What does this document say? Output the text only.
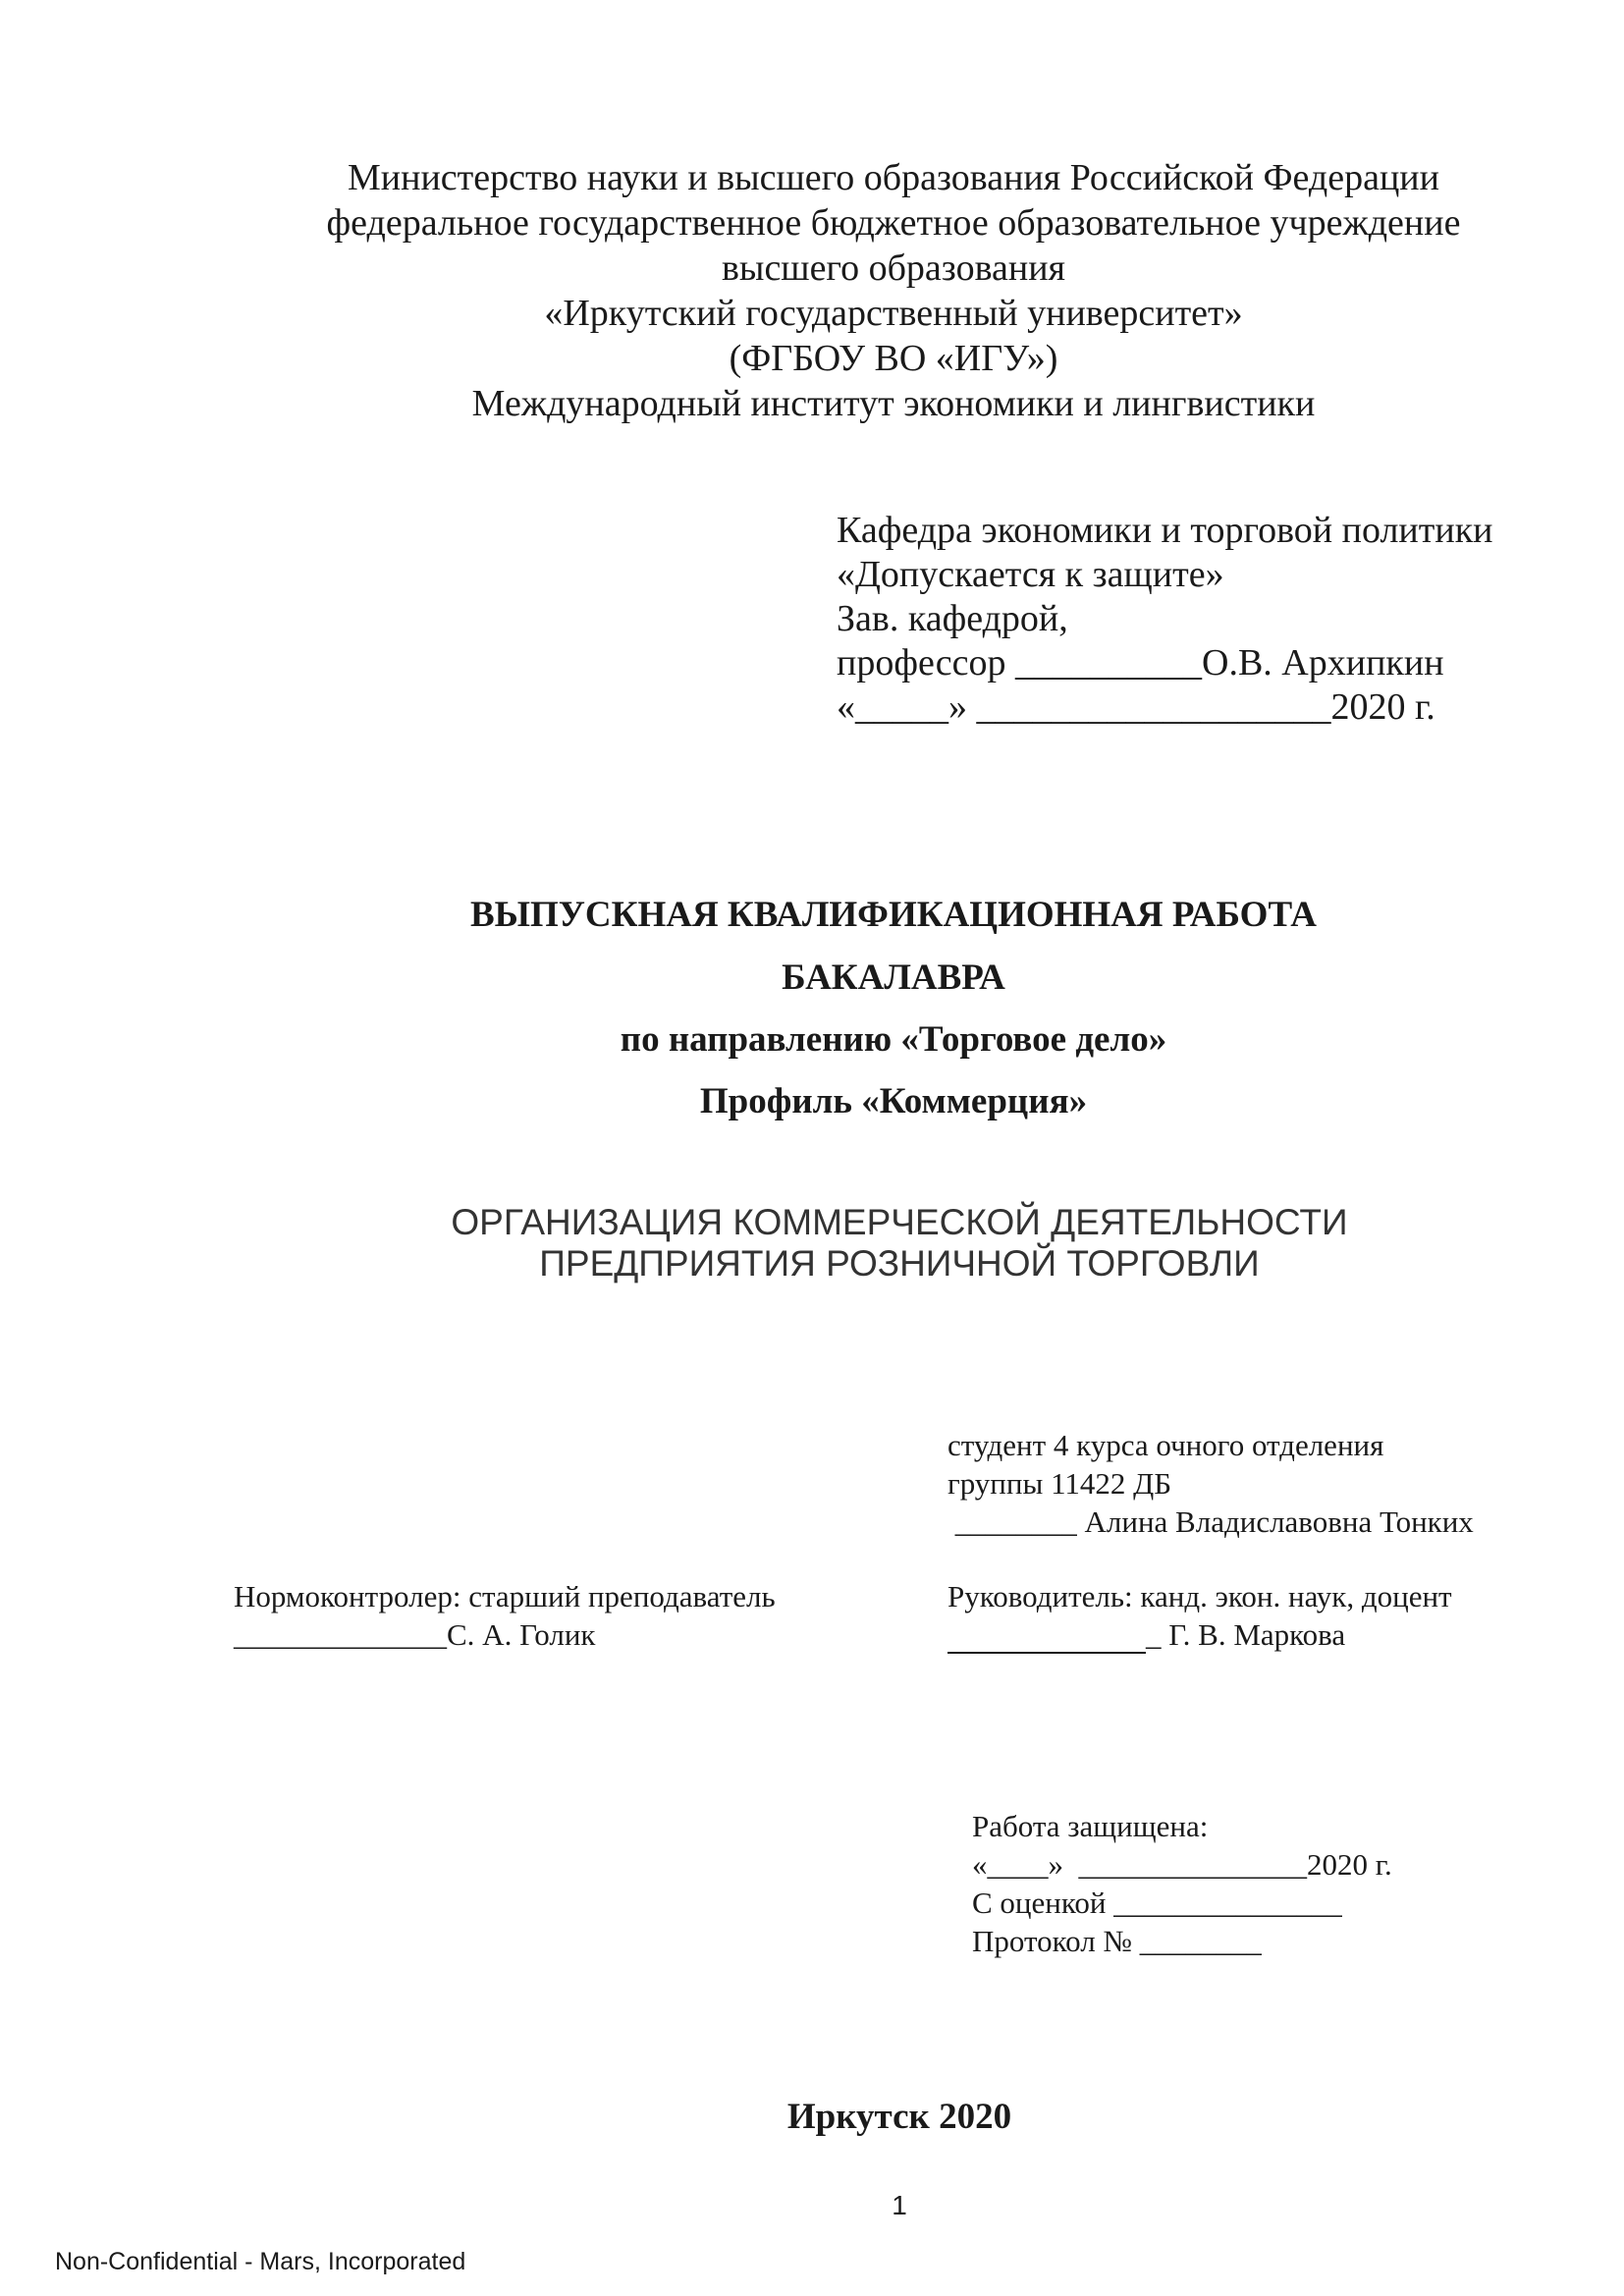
Министерство науки и высшего образования Российской Федерации
федеральное государственное бюджетное образовательное учреждение
высшего образования
«Иркутский государственный университет»
(ФГБОУ ВО «ИГУ»)
Международный институт экономики и лингвистики
Кафедра экономики и торговой политики
«Допускается к защите»
Зав. кафедрой,
профессор __________О.В. Архипкин
«_____» ___________________2020 г.
ВЫПУСКНАЯ КВАЛИФИКАЦИОННАЯ РАБОТА
БАКАЛАВРА
по направлению «Торговое дело»
Профиль «Коммерция»
ОРГАНИЗАЦИЯ КОММЕРЧЕСКОЙ ДЕЯТЕЛЬНОСТИ
ПРЕДПРИЯТИЯ РОЗНИЧНОЙ ТОРГОВЛИ
студент 4 курса очного отделения
группы 11422 ДБ
________ Алина Владиславовна Тонких
Нормоконтролер: старший преподаватель
______________С. А. Голик
Руководитель: канд. экон. наук, доцент
_ Г. В. Маркова
Работа защищена:
«____»  _______________2020 г.
С оценкой _______________
Протокол № ________
Иркутск 2020
1
Non-Confidential - Mars, Incorporated
